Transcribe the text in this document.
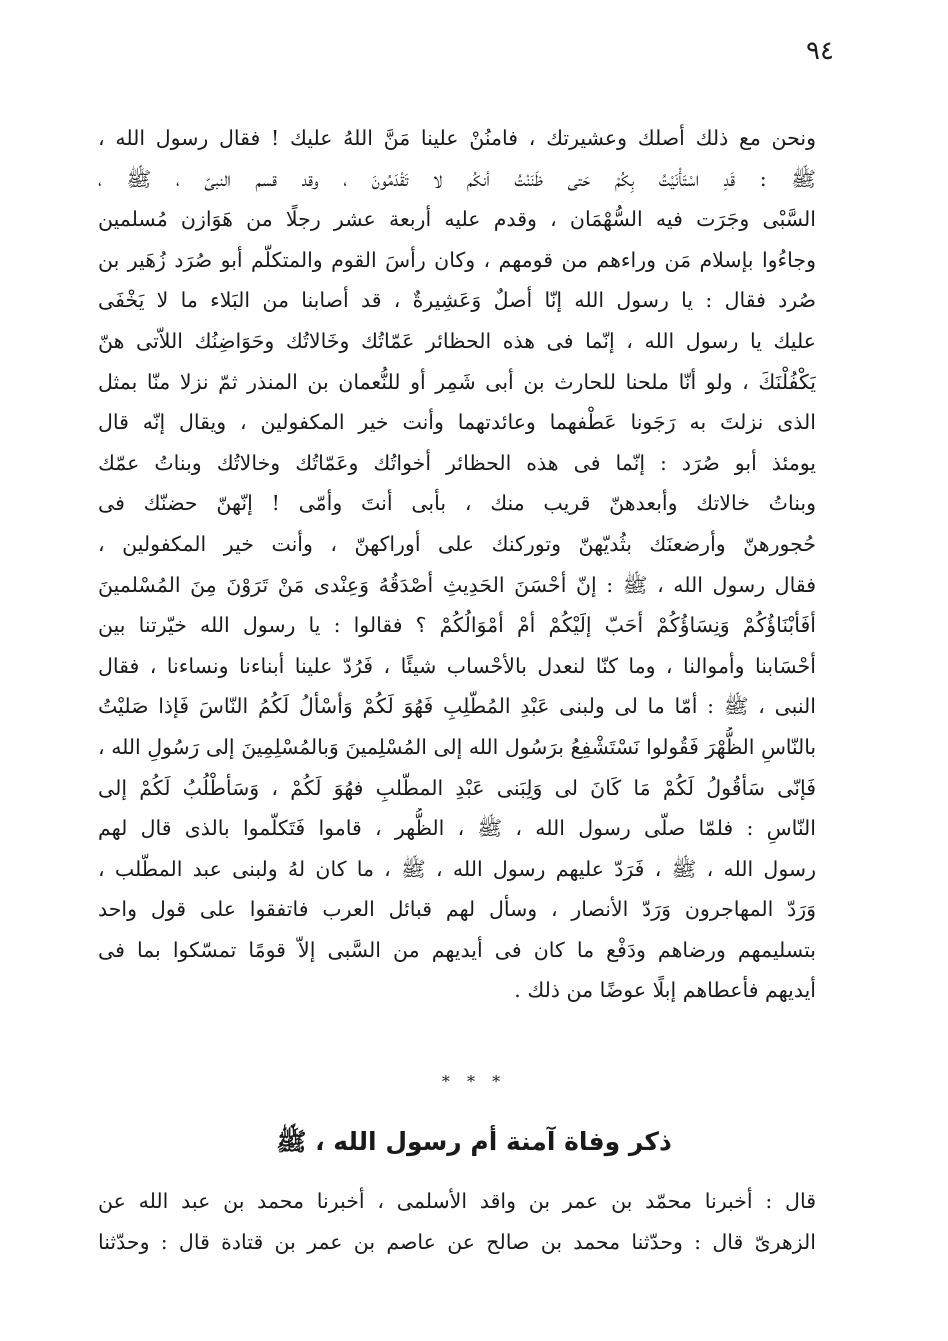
٩٤
ونحن مع ذلك أصلك وعشيرتك ، فامنُنْ علينا مَنَّ اللهُ عليك ! فقال رسول الله ،
ﷺ : قَدِ اسْتَأْنَيْتُ بِكُمْ حَتى ظَنَنْتُ أنكُم لا تَقْدَمُونَ ، وقد قسم النبىّ ، ﷺ ،
السَّبْى وجَرَت فيه السُّهْمَان ، وقدم عليه أربعة عشر رجلًا من هَوَازن مُسلمين
وجاءُوا بإسلام مَن وراءهم من قومهم ، وكان رأسَ القوم والمتكلّم أبو صُرَد زُهَير بن
صُرد فقال : يا رسول الله إنّا أصلٌ وَعَشِيرةٌ ، قد أصابنا من البَلاء ما لا يَخْفَى
عليك يا رسول الله ، إنّما فى هذه الحظائر عَمّاتُك وخَالاتُك وحَوَاضِنُك اللاّتى هنّ
يَكْفُلْنَكَ ، ولو أنّا ملحنا للحارث بن أبى شَمِر أو للنُّعمان بن المنذر ثمّ نزلا منّا بمثل
الذى نزلتَ به رَجَونا عَطْفهما وعائدتهما وأنت خير المكفولين ، ويقال إنّه قال
يومئذ أبو صُرَد : إنّما فى هذه الحظائر أخواتُك وعَمّاتُك وخالاتُك وبناتُ عمّك
وبناتُ خالاتك وأبعدهنّ قريب منك ، بأبى أنتَ وأمّى ! إنّهنّ حضنّك فى
حُجورهنّ وأرضعنَك بثُديّهنّ وتوركنك على أوراكهنّ ، وأنت خير المكفولين ،
فقال رسول الله ، ﷺ : إنّ أحْسَنَ الحَدِيثِ أصْدَقُهُ وَعِنْدى مَنْ تَرَوْنَ مِنَ المُسْلمينَ
أفَأبْنَاؤُكُمْ وَنِسَاؤُكُمْ أحَبّ إلَيْكُمْ أمْ أمْوَالُكُمْ ؟ فقالوا : يا رسول الله خيّرتنا بين
أحْسَابنا وأموالنا ، وما كنّا لنعدل بالأحْساب شيئًا ، فَرُدّ علينا أبناءنا ونساءنا ، فقال
النبى ، ﷺ : أمّا ما لى ولبنى عَبْدِ المُطّلِبِ فَهُوَ لَكُمْ وَأسْألُ لَكُمُ النّاسَ فَإذا صَليْتُ
بالنّاسِ الظُّهْرَ فَقُولوا نَسْتَشْفِعُ برَسُول الله إلى المُسْلِمينَ وَبالمُسْلِمِينَ إلى رَسُولِ الله ،
فَإنّى سَأقُولُ لَكُمْ مَا كَانَ لى وَلِبَنى عَبْدِ المطّلبِ فهُوَ لَكُمْ ، وَسَأطْلُبُ لَكُمْ إلى
النّاسِ : فلمّا صلّى رسول الله ، ﷺ ، الظُّهر ، قاموا فَتَكلّموا بالذى قال لهم
رسول الله ، ﷺ ، فَرَدّ عليهم رسول الله ، ﷺ ، ما كان لهُ ولبنى عبد المطّلب ،
وَرَدّ المهاجرون وَرَدّ الأنصار ، وسأل لهم قبائل العرب فاتفقوا على قول واحد
بتسليمهم ورضاهم ودَفْع ما كان فى أيديهم من السَّبى إلاّ قومًا تمسّكوا بما فى
أيديهم فأعطاهم إبلًا عوضًا من ذلك .
* * *
ذكر وفاة آمنة أم رسول الله ، ﷺ
قال : أخبرنا محمّد بن عمر بن واقد الأسلمى ، أخبرنا محمد بن عبد الله عن
الزهرىّ قال : وحدّثنا محمد بن صالح عن عاصم بن عمر بن قتادة قال : وحدّثنا
